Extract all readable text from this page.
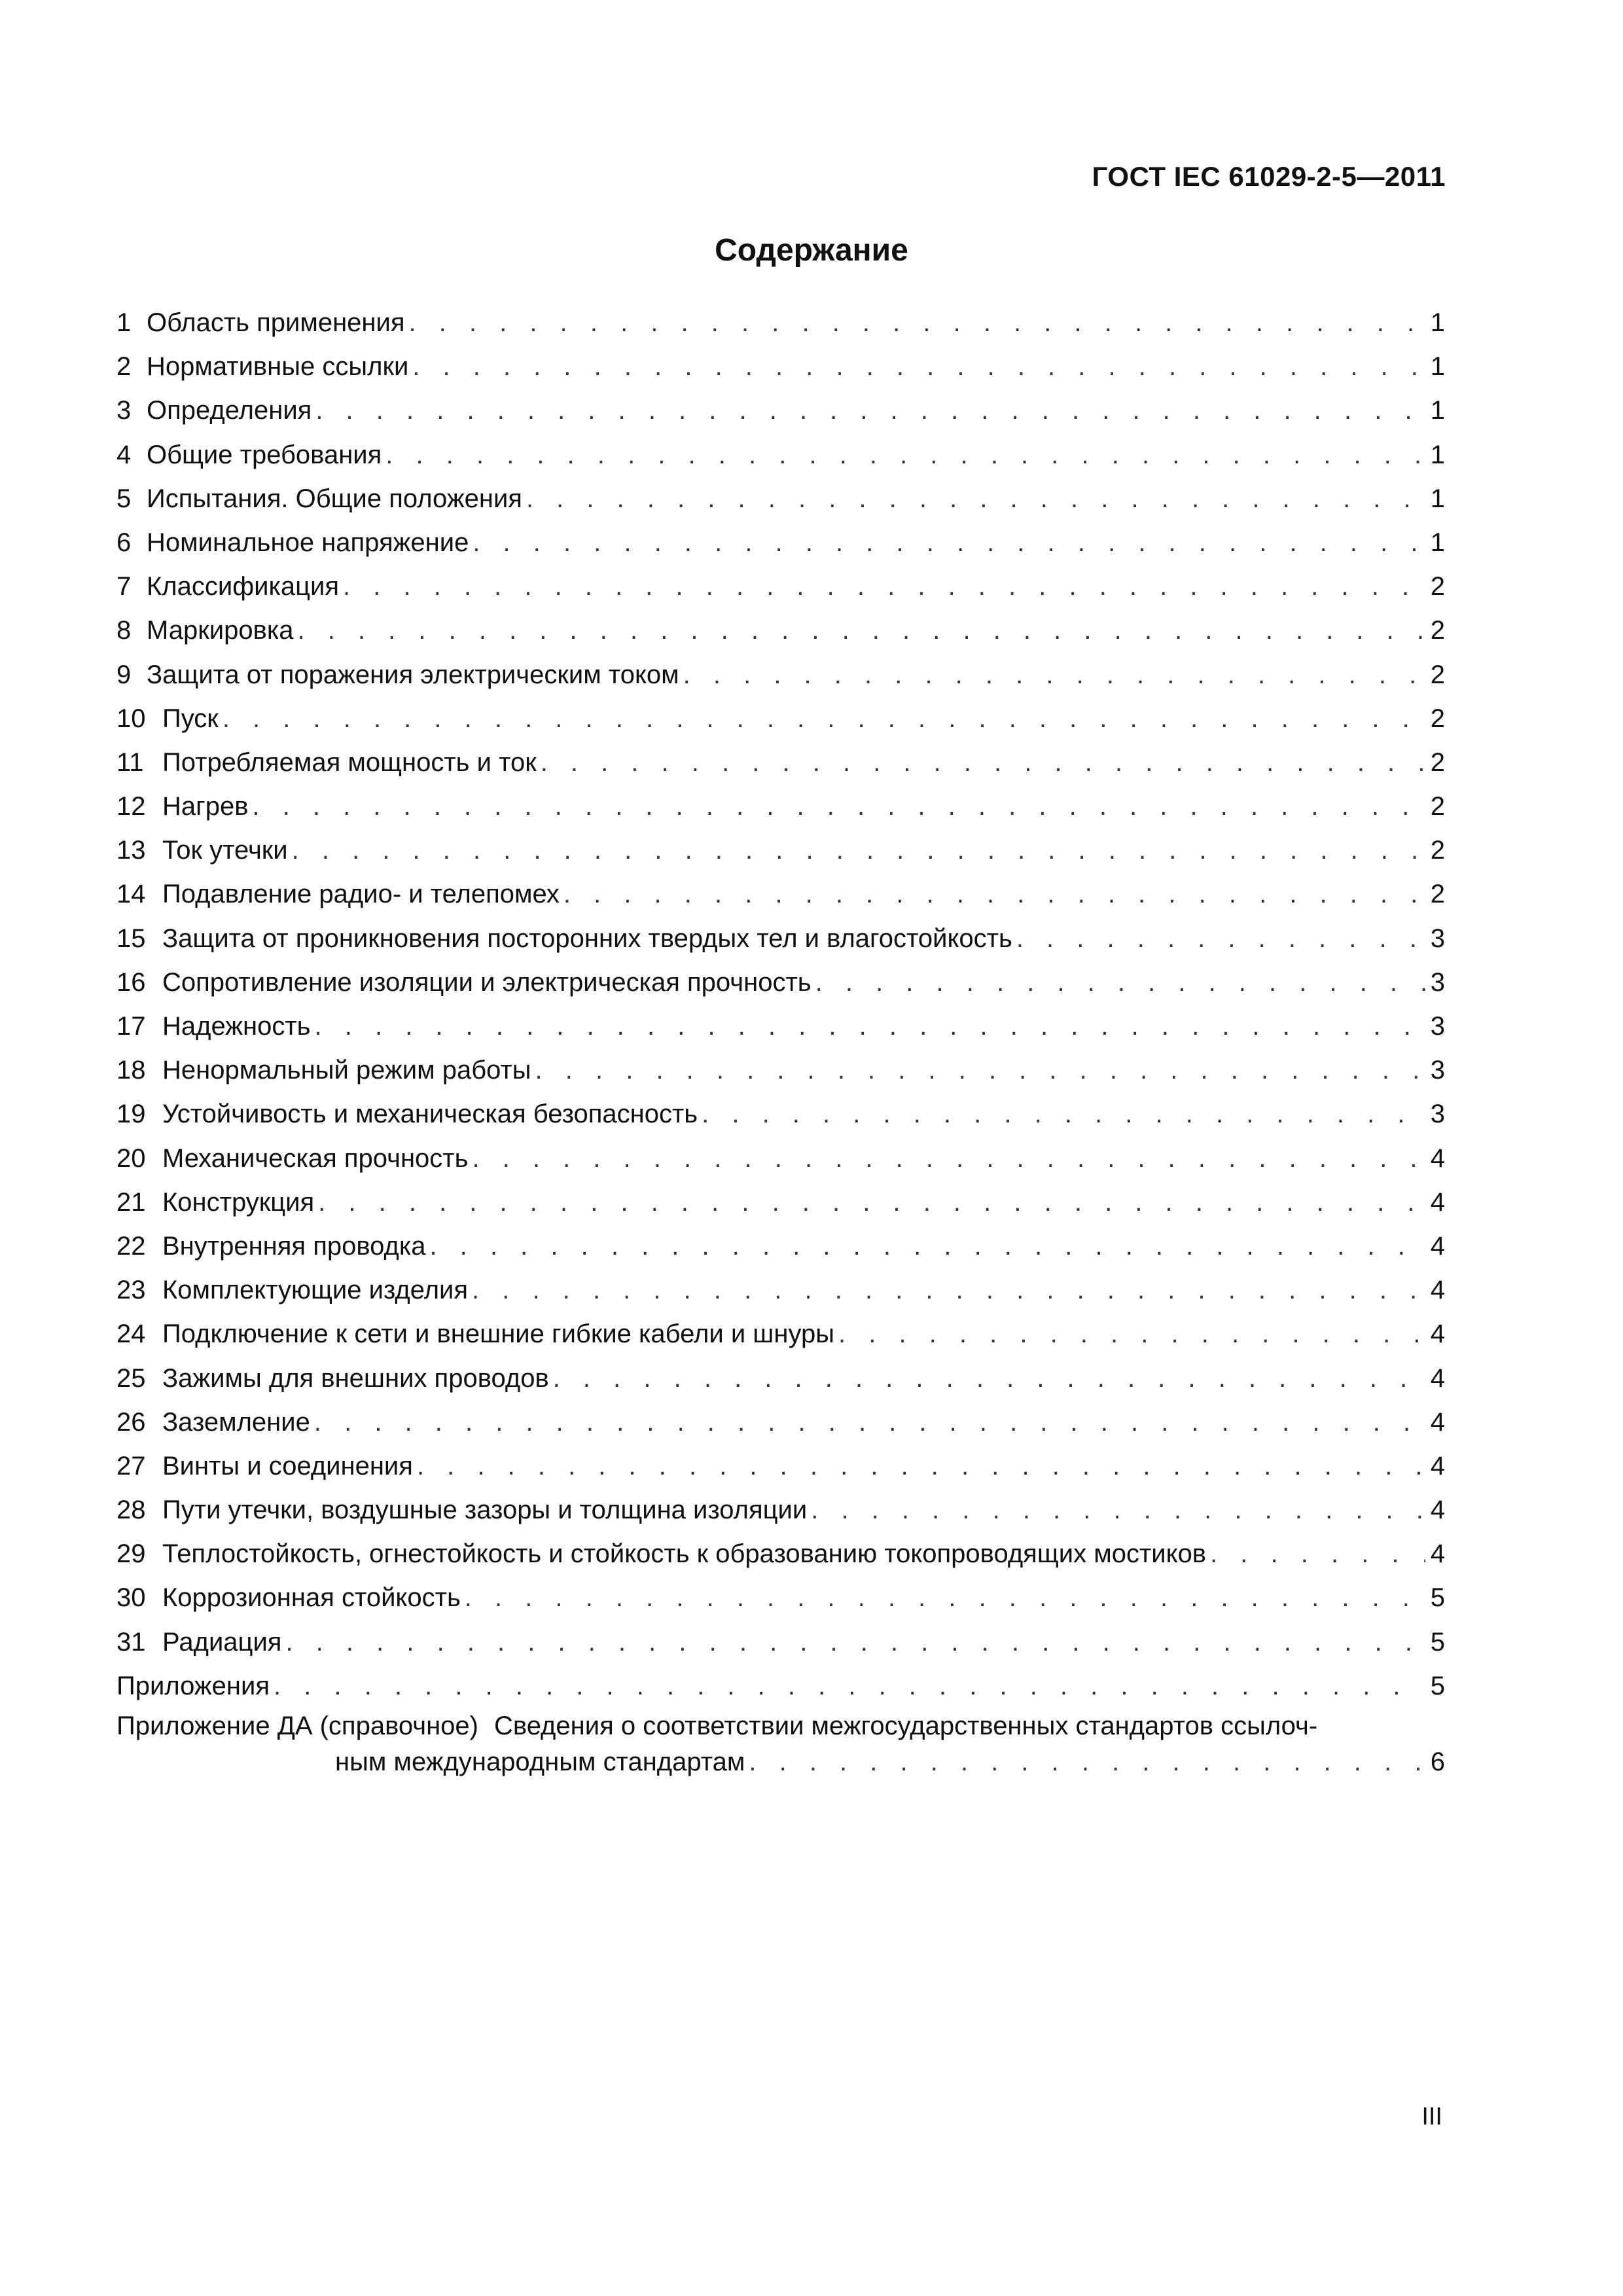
ГОСТ IEC 61029-2-5—2011
Содержание
1 Область применения . . .	1
2 Нормативные ссылки . . .	1
3 Определения . . .	1
4 Общие требования . . .	1
5 Испытания. Общие положения . . .	1
6 Номинальное напряжение . . .	1
7 Классификация . . .	2
8 Маркировка . . .	2
9 Защита от поражения электрическим током . . .	2
10 Пуск . . .	2
11 Потребляемая мощность и ток . . .	2
12 Нагрев . . .	2
13 Ток утечки . . .	2
14 Подавление радио- и телепомех . . .	2
15 Защита от проникновения посторонних твердых тел и влагостойкость . . .	3
16 Сопротивление изоляции и электрическая прочность . . .	3
17 Надежность . . .	3
18 Ненормальный режим работы . . .	3
19 Устойчивость и механическая безопасность . . .	3
20 Механическая прочность . . .	4
21 Конструкция . . .	4
22 Внутренняя проводка . . .	4
23 Комплектующие изделия . . .	4
24 Подключение к сети и внешние гибкие кабели и шнуры . . .	4
25 Зажимы для внешних проводов . . .	4
26 Заземление . . .	4
27 Винты и соединения . . .	4
28 Пути утечки, воздушные зазоры и толщина изоляции . . .	4
29 Теплостойкость, огнестойкость и стойкость к образованию токопроводящих мостиков . . .	4
30 Коррозионная стойкость . . .	5
31 Радиация . . .	5
Приложения . . .	5
Приложение ДА (справочное) Сведения о соответствии межгосударственных стандартов ссылоч-
ным международным стандартам . . .	6
III
